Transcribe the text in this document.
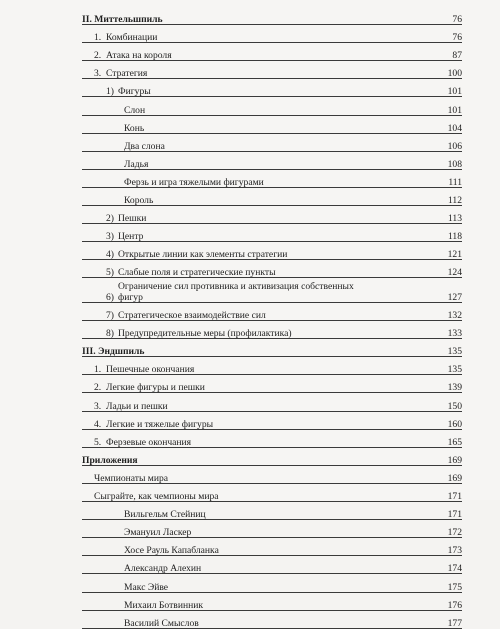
II. Миттельшпиль	76
1. Комбинации	76
2. Атака на короля	87
3. Стратегия	100
1) Фигуры	101
Слон	101
Конь	104
Два слона	106
Ладья	108
Ферзь и игра тяжелыми фигурами	111
Король	112
2) Пешки	113
3) Центр	118
4) Открытые линии как элементы стратегии	121
5) Слабые поля и стратегические пункты	124
6)
Ограничение сил противника и активизация собственных фигур	127
7) Стратегическое взаимодействие сил	132
8) Предупредительные меры (профилактика)	133
III. Эндшпиль	135
1. Пешечные окончания	135
2. Легкие фигуры и пешки	139
3. Ладьи и пешки	150
4. Легкие и тяжелые фигуры	160
5. Ферзевые окончания	165
Приложения	169
Чемпионаты мира	169
Сыграйте, как чемпионы мира	171
Вильгельм Стейниц	171
Эмануил Ласкер	172
Хосе Рауль Капабланка	173
Александр Алехин	174
Макс Эйве	175
Михаил Ботвинник	176
Василий Смыслов	177
